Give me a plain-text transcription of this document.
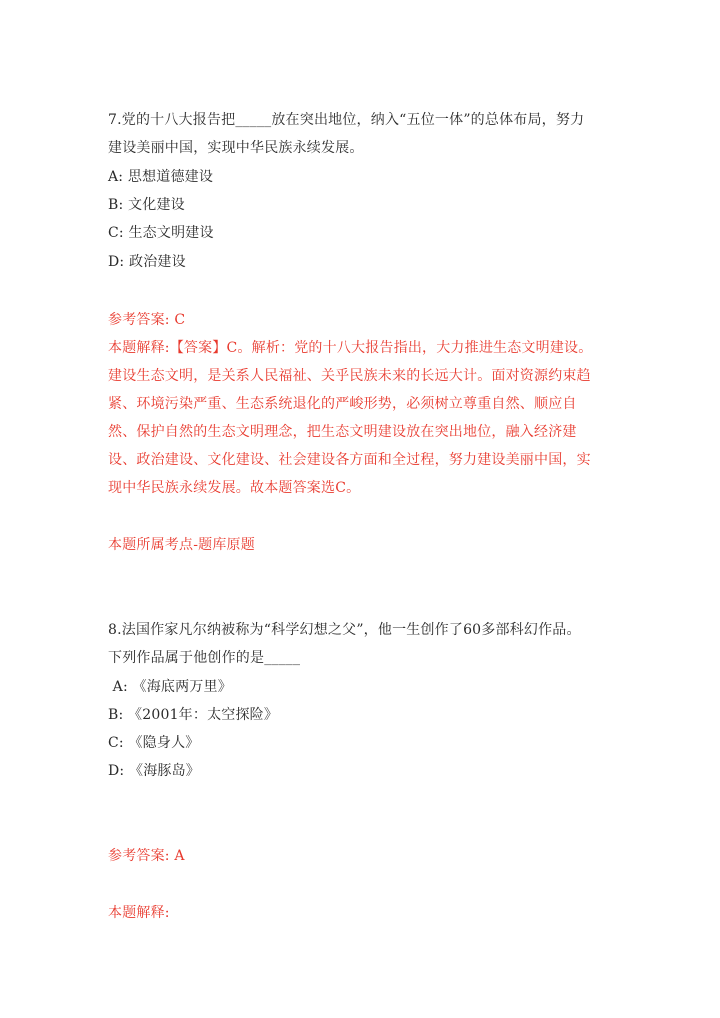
7.党的十八大报告把_____放在突出地位，纳入“五位一体”的总体布局，努力
建设美丽中国，实现中华民族永续发展。
A: 思想道德建设
B: 文化建设
C: 生态文明建设
D: 政治建设
参考答案: C
本题解释:【答案】C。解析：党的十八大报告指出，大力推进生态文明建设。
建设生态文明，是关系人民福祉、关乎民族未来的长远大计。面对资源约束趋
紧、环境污染严重、生态系统退化的严峻形势，必须树立尊重自然、顺应自
然、保护自然的生态文明理念，把生态文明建设放在突出地位，融入经济建
设、政治建设、文化建设、社会建设各方面和全过程，努力建设美丽中国，实
现中华民族永续发展。故本题答案选C。
本题所属考点-题库原题
8.法国作家凡尔纳被称为“科学幻想之父”，他一生创作了60多部科幻作品。
下列作品属于他创作的是_____
A: 《海底两万里》
B: 《2001年：太空探险》
C: 《隐身人》
D: 《海豚岛》
参考答案: A
本题解释:
